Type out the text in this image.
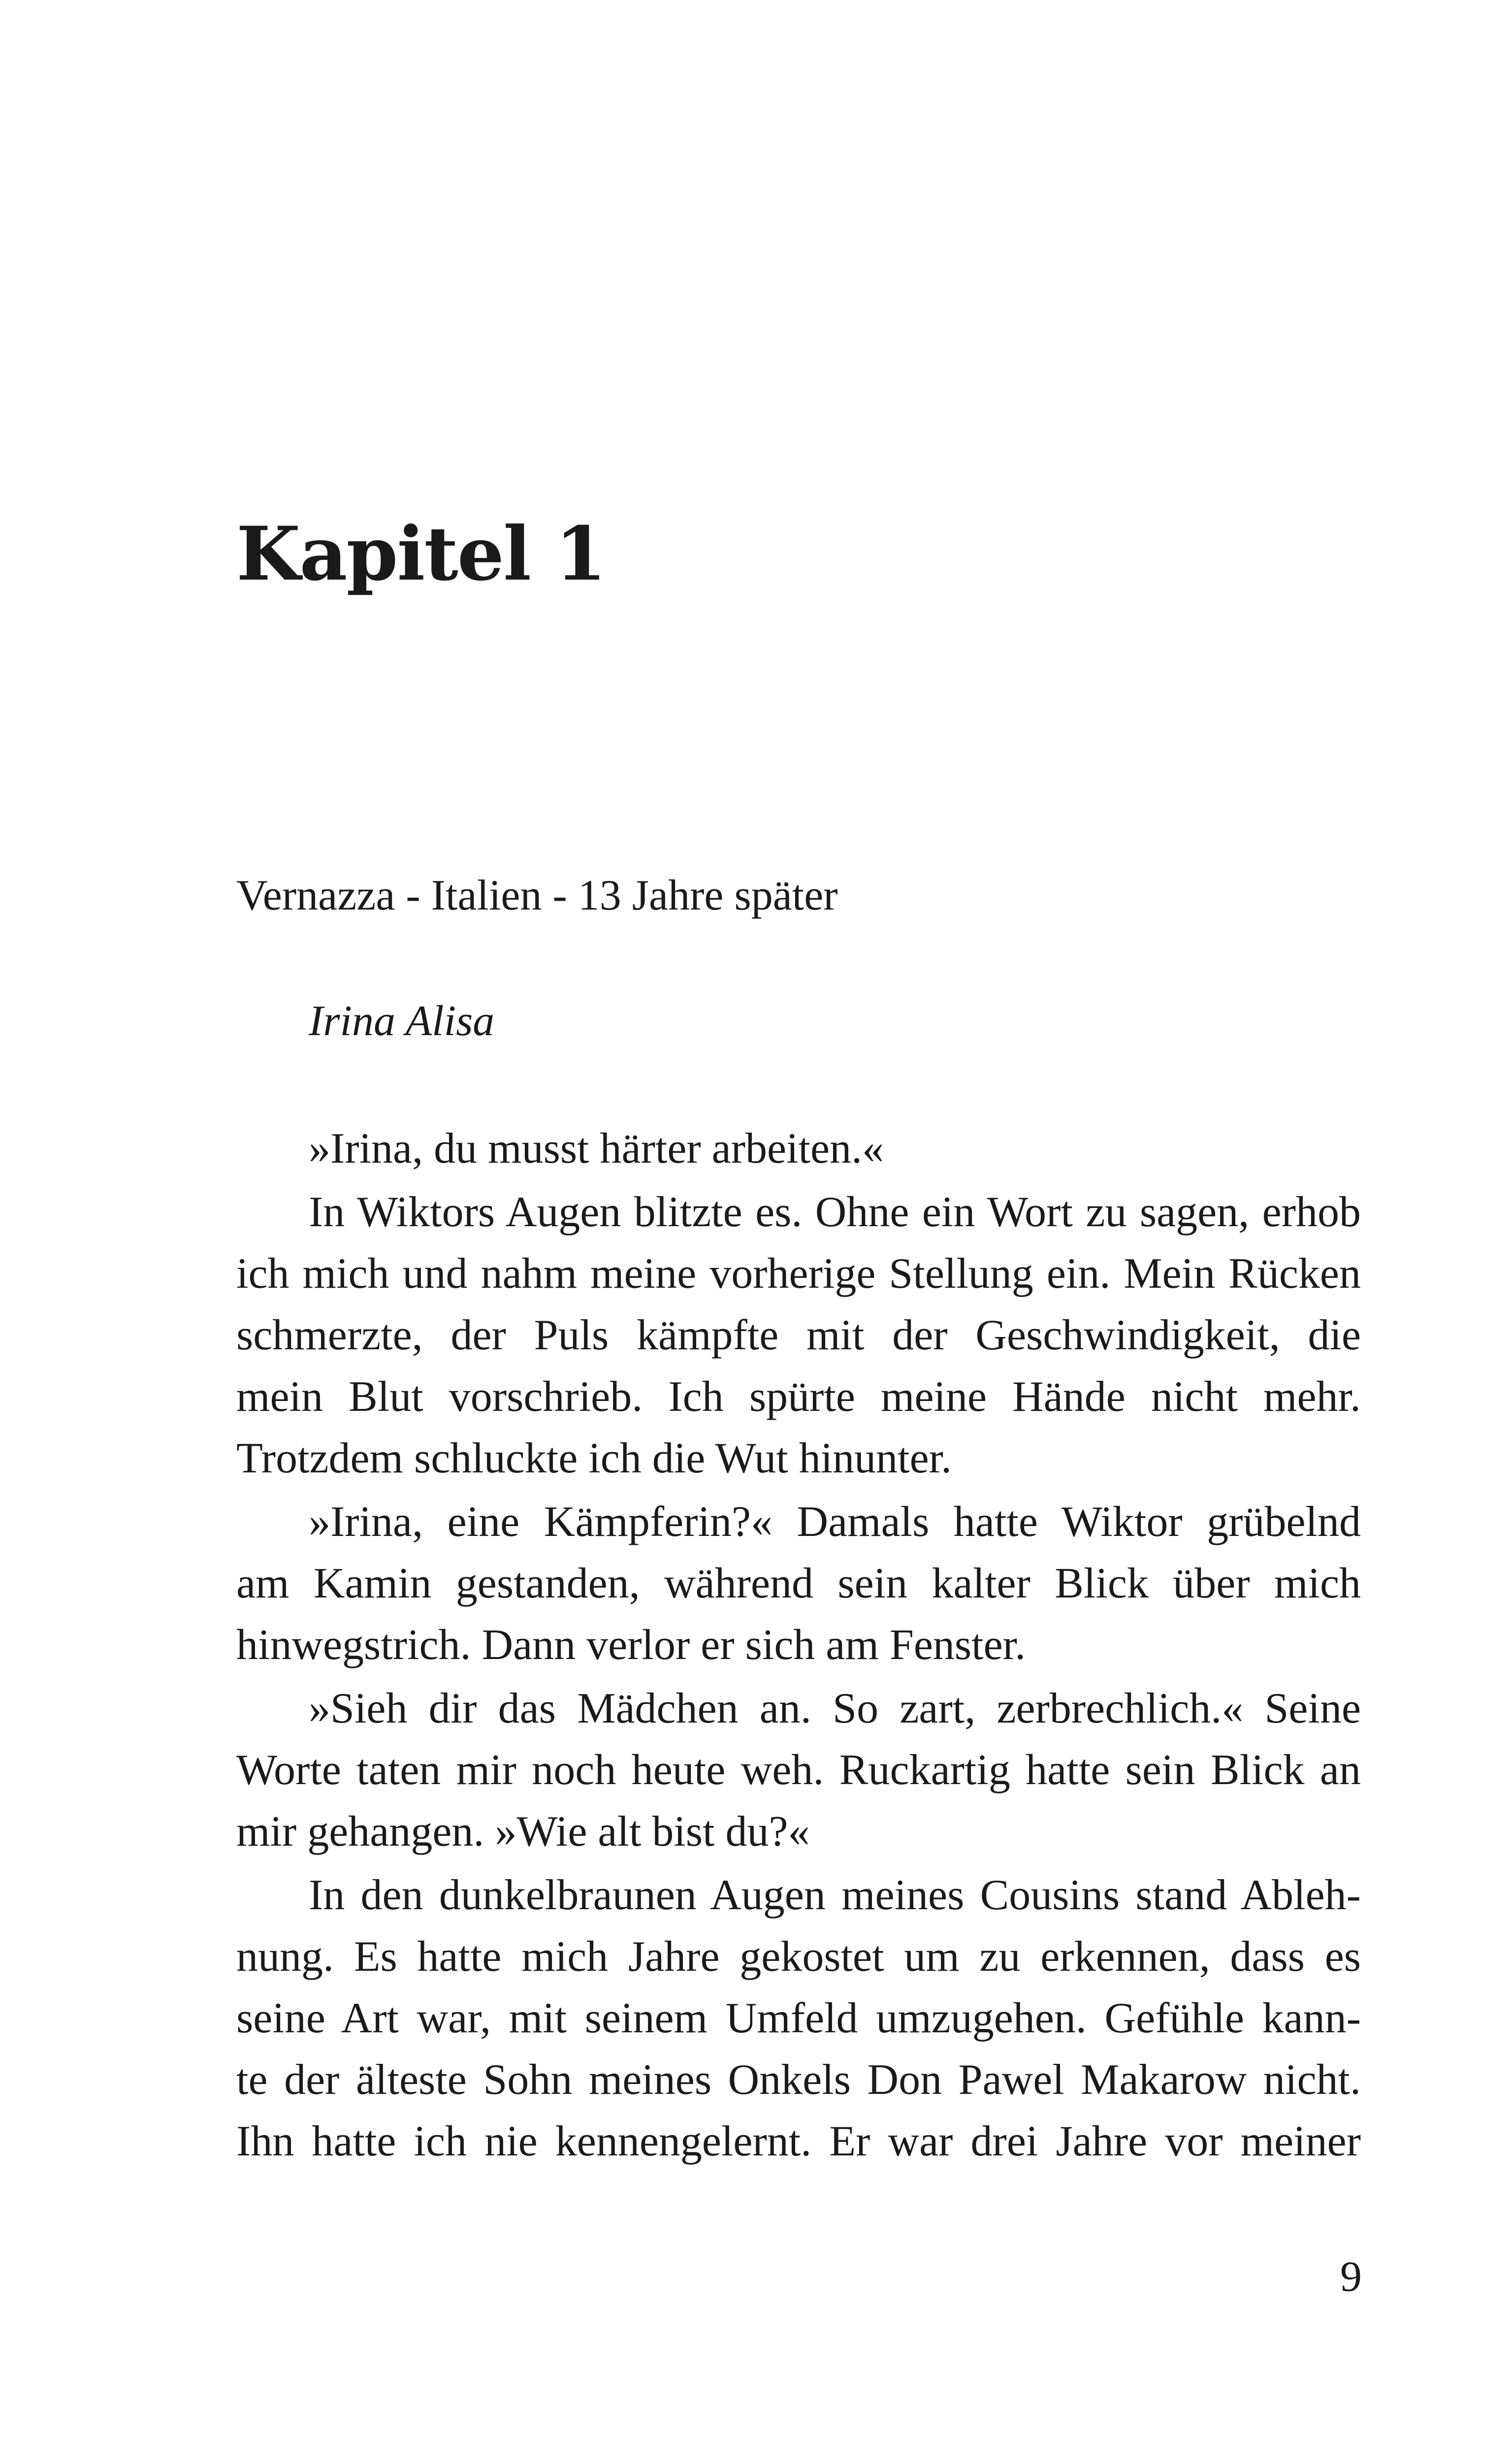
Kapitel 1

Vernazza - Italien - 13 Jahre später

Irina Alisa

»Irina, du musst härter arbeiten.«

In Wiktors Augen blitzte es. Ohne ein Wort zu sagen, erhob
ich mich und nahm meine vorherige Stellung ein. Mein Rücken
schmerzte, der Puls kämpfte mit der Geschwindigkeit, die
mein Blut vorschrieb. Ich spürte meine Hände nicht mehr.
Trotzdem schluckte ich die Wut hinunter.

»Irina, eine Kämpferin?« Damals hatte Wiktor grübelnd
am Kamin gestanden, während sein kalter Blick über mich
hinwegstrich. Dann verlor er sich am Fenster.

»Sieh dir das Mädchen an. So zart, zerbrechlich.« Seine
Worte taten mir noch heute weh. Ruckartig hatte sein Blick an
mir gehangen. »Wie alt bist du?«

In den dunkelbraunen Augen meines Cousins stand Ableh-
nung. Es hatte mich Jahre gekostet um zu erkennen, dass es
seine Art war, mit seinem Umfeld umzugehen. Gefühle kann-
te der älteste Sohn meines Onkels Don Pawel Makarow nicht.
Ihn hatte ich nie kennengelernt. Er war drei Jahre vor meiner

9
